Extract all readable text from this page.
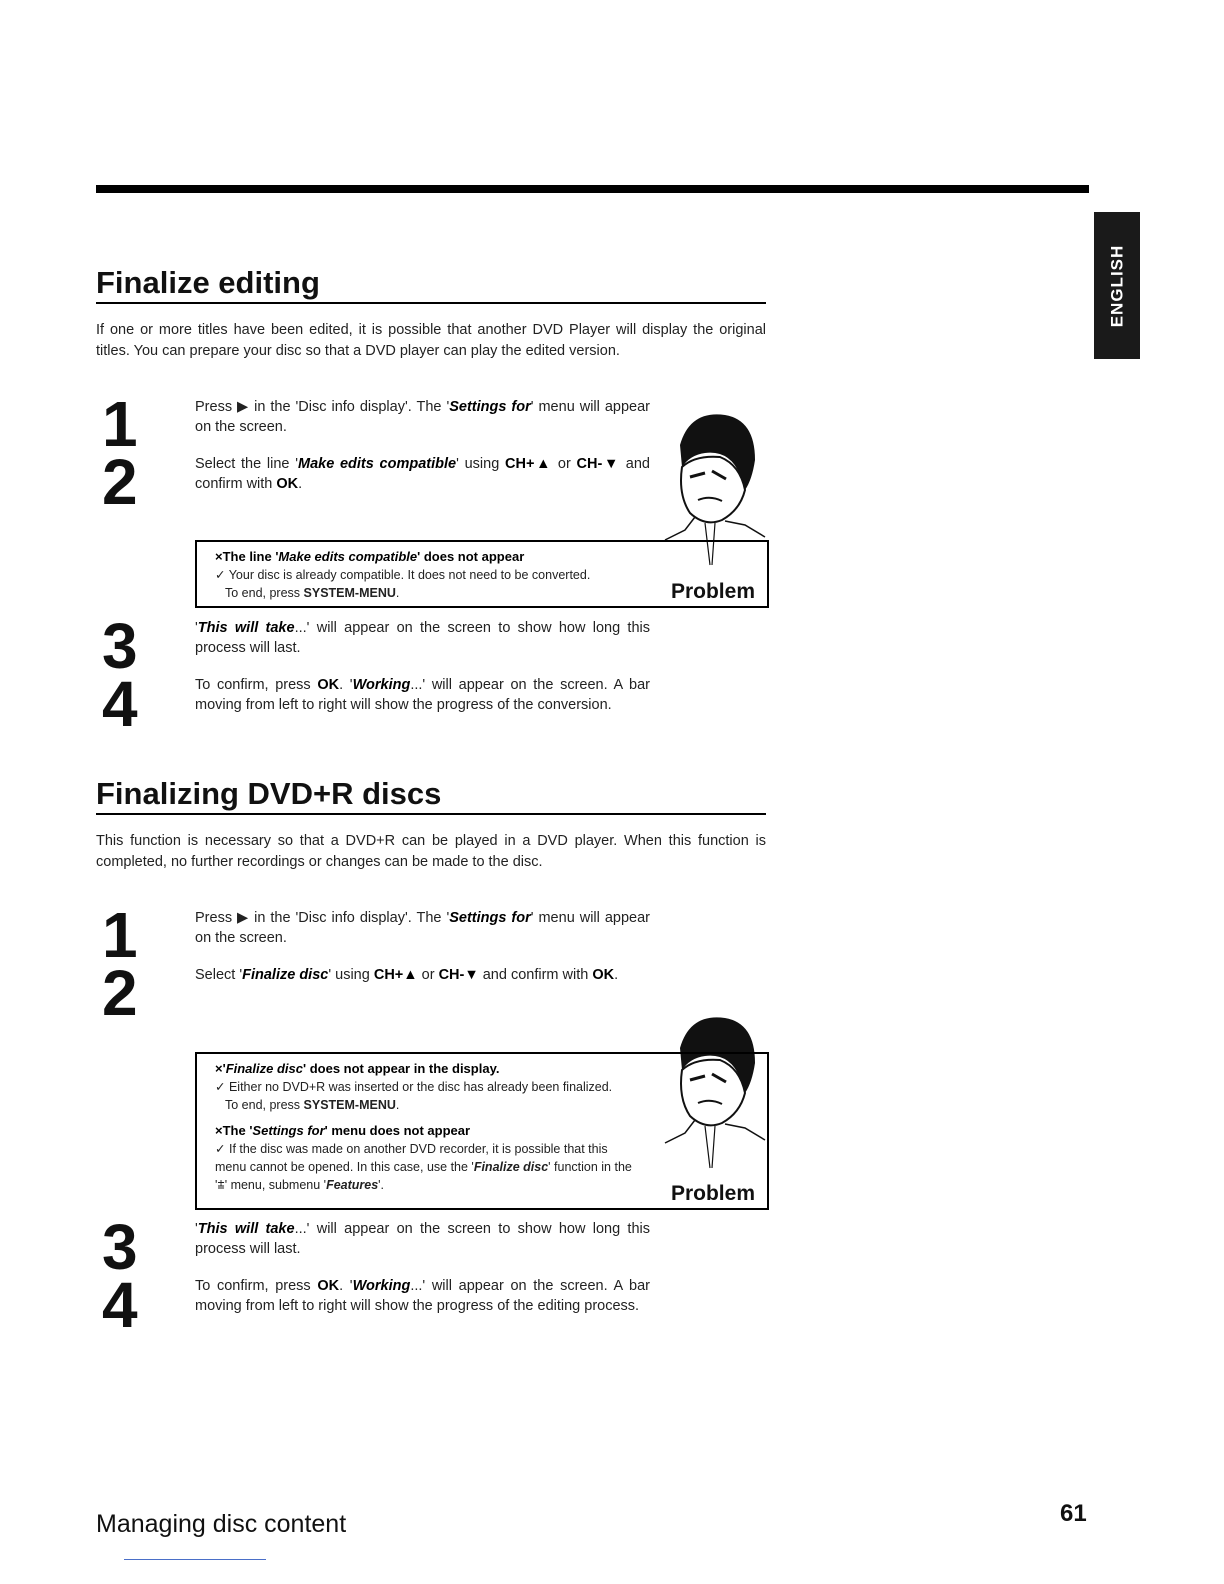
ENGLISH
Finalize editing
If one or more titles have been edited, it is possible that another DVD Player will display the original titles. You can prepare your disc so that a DVD player can play the edited version.
1
2
Press ▶ in the 'Disc info display'. The 'Settings for' menu will appear on the screen.
Select the line 'Make edits compatible' using CH+▲ or CH-▼ and confirm with OK.
×The line 'Make edits compatible' does not appear
✓ Your disc is already compatible. It does not need to be converted.
To end, press SYSTEM-MENU.	Problem
3
4
'This will take...' will appear on the screen to show how long this process will last.
To confirm, press OK. 'Working...' will appear on the screen. A bar moving from left to right will show the progress of the conversion.
Finalizing DVD+R discs
This function is necessary so that a DVD+R can be played in a DVD player. When this function is completed, no further recordings or changes can be made to the disc.
1
2
Press ▶ in the 'Disc info display'. The 'Settings for' menu will appear on the screen.
Select 'Finalize disc' using CH+▲ or CH-▼ and confirm with OK.
×'Finalize disc' does not appear in the display.
✓ Either no DVD+R was inserted or the disc has already been finalized.
To end, press SYSTEM-MENU.
×The 'Settings for' menu does not appear
✓ If the disc was made on another DVD recorder, it is possible that this menu cannot be opened. In this case, use the 'Finalize disc' function in the '⩲' menu, submenu 'Features'.	Problem
3
4
'This will take...' will appear on the screen to show how long this process will last.
To confirm, press OK. 'Working...' will appear on the screen. A bar moving from left to right will show the progress of the editing process.
Managing disc content	61
